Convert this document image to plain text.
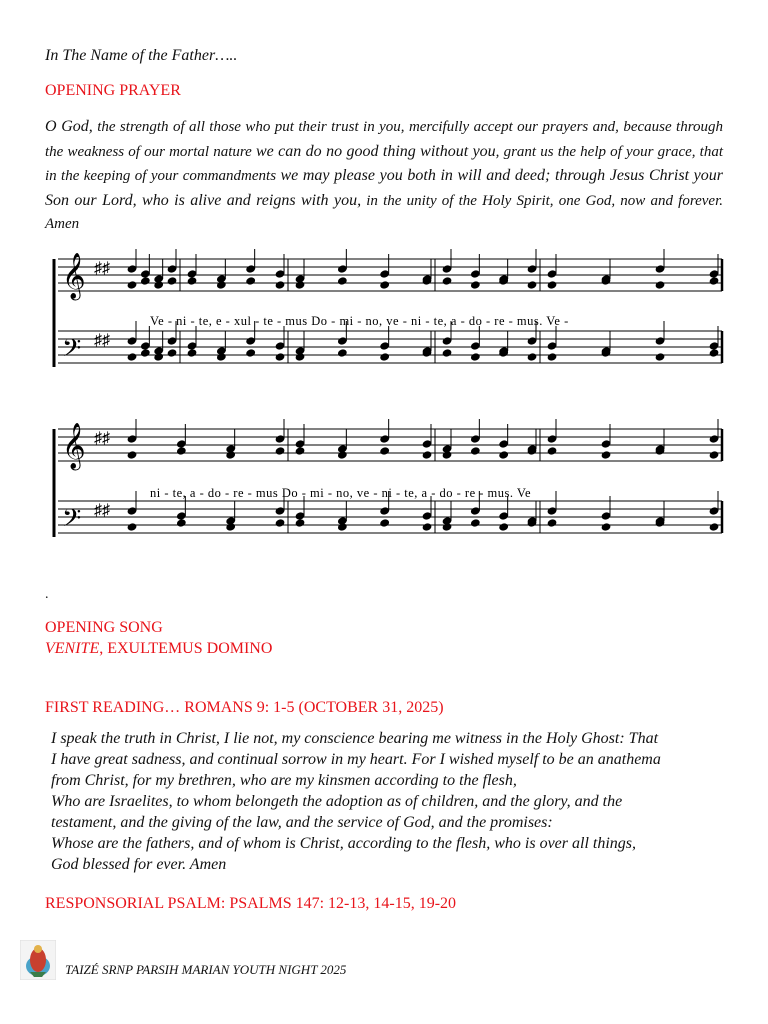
In The Name of the Father…..
OPENING PRAYER
O God, the strength of all those who put their trust in you, mercifully accept our prayers and, because through the weakness of our mortal nature we can do no good thing without you, grant us the help of your grace, that in the keeping of your commandments we may please you both in will and deed; through Jesus Christ your Son our Lord, who is alive and reigns with you, in the unity of the Holy Spirit, one God, now and forever. Amen
.
OPENING SONG
VENITE, EXULTEMUS DOMINO
FIRST READING… ROMANS 9: 1-5 (OCTOBER 31, 2025)
I speak the truth in Christ, I lie not, my conscience bearing me witness in the Holy Ghost: That
I have great sadness, and continual sorrow in my heart. For I wished myself to be an anathema
from Christ, for my brethren, who are my kinsmen according to the flesh,
Who are Israelites, to whom belongeth the adoption as of children, and the glory, and the
testament, and the giving of the law, and the service of God, and the promises:
Whose are the fathers, and of whom is Christ, according to the flesh, who is over all things,
God blessed for ever. Amen
RESPONSORIAL PSALM: PSALMS 147: 12-13, 14-15, 19-20
𝄞 ♯♯
𝄢 ♯♯
Ve - ni - te, e - xul - te - mus Do - mi - no, ve - ni - te, a - do - re - mus. Ve -
𝄞 ♯♯
𝄢 ♯♯
ni - te, a - do - re - mus Do - mi - no, ve - ni - te, a - do - re - mus. Ve
TAIZÉ SRNP PARSIH MARIAN YOUTH NIGHT 2025
